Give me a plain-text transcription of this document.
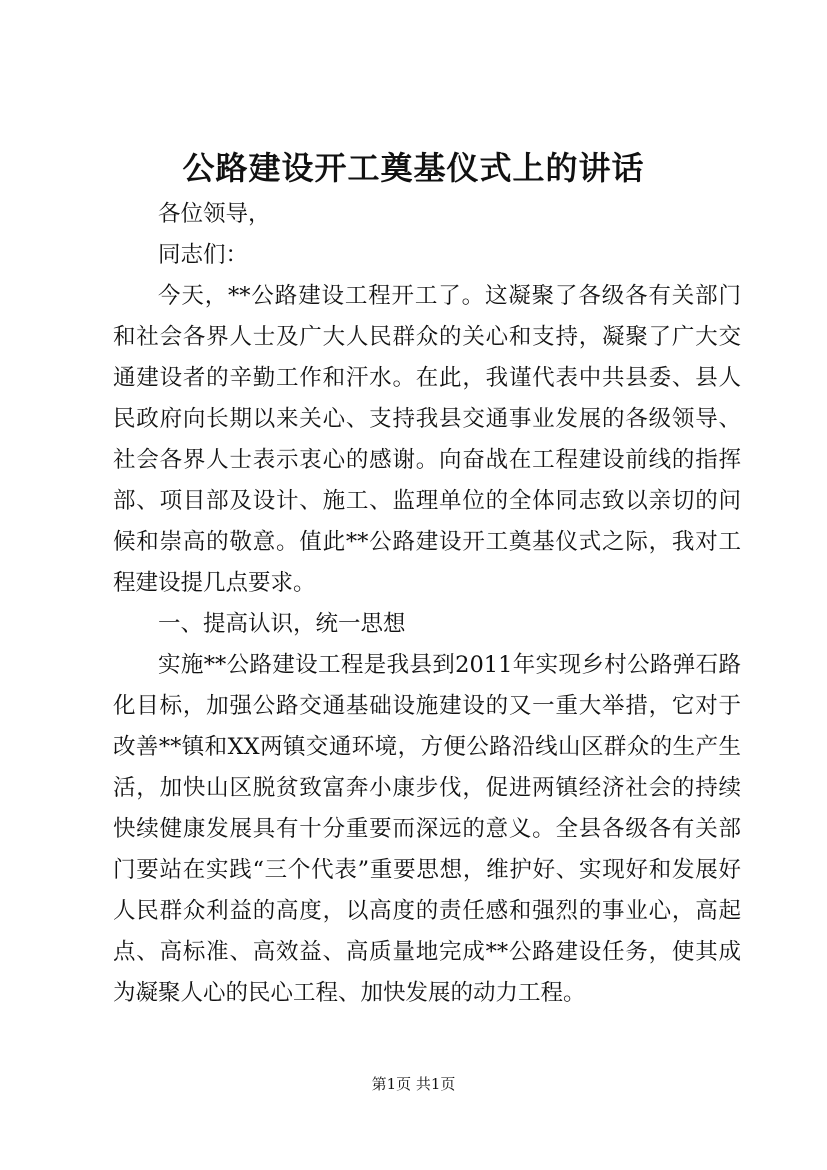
公路建设开工奠基仪式上的讲话

各位领导，

同志们：

今天，**公路建设工程开工了。这凝聚了各级各有关部门和社会各界人士及广大人民群众的关心和支持，凝聚了广大交通建设者的辛勤工作和汗水。在此，我谨代表中共县委、县人民政府向长期以来关心、支持我县交通事业发展的各级领导、社会各界人士表示衷心的感谢。向奋战在工程建设前线的指挥部、项目部及设计、施工、监理单位的全体同志致以亲切的问候和崇高的敬意。值此**公路建设开工奠基仪式之际，我对工程建设提几点要求。

一、提高认识，统一思想

实施**公路建设工程是我县到2011年实现乡村公路弹石路化目标，加强公路交通基础设施建设的又一重大举措，它对于改善**镇和XX两镇交通环境，方便公路沿线山区群众的生产生活，加快山区脱贫致富奔小康步伐，促进两镇经济社会的持续快续健康发展具有十分重要而深远的意义。全县各级各有关部门要站在实践“三个代表”重要思想，维护好、实现好和发展好人民群众利益的高度，以高度的责任感和强烈的事业心，高起点、高标准、高效益、高质量地完成**公路建设任务，使其成为凝聚人心的民心工程、加快发展的动力工程。

第1页 共1页
